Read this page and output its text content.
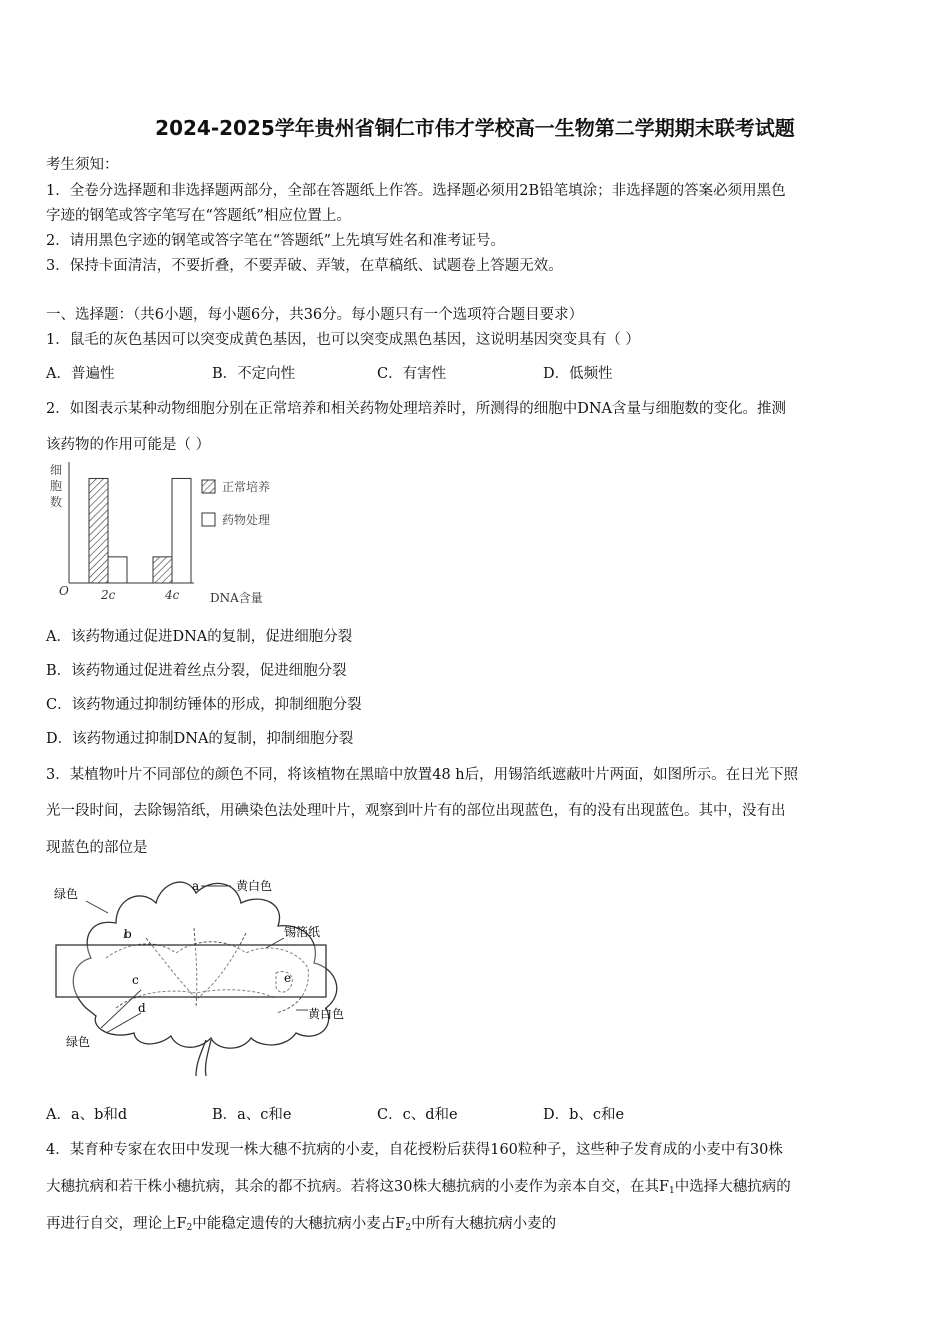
2024-2025学年贵州省铜仁市伟才学校高一生物第二学期期末联考试题
考生须知：
1．全卷分选择题和非选择题两部分，全部在答题纸上作答。选择题必须用2B铅笔填涂；非选择题的答案必须用黑色
字迹的钢笔或答字笔写在“答题纸”相应位置上。
2．请用黑色字迹的钢笔或答字笔在“答题纸”上先填写姓名和准考证号。
3．保持卡面清洁，不要折叠，不要弄破、弄皱，在草稿纸、试题卷上答题无效。
一、选择题：（共6小题，每小题6分，共36分。每小题只有一个选项符合题目要求）
1．鼠毛的灰色基因可以突变成黄色基因，也可以突变成黑色基因，这说明基因突变具有（ ）
A．普遍性	B．不定向性	C．有害性	D．低频性
2．如图表示某种动物细胞分别在正常培养和相关药物处理培养时，所测得的细胞中DNA含量与细胞数的变化。推测
该药物的作用可能是（ ）
细 胞 数
O	DNA含量
2c	4c
正常培养
药物处理
A．该药物通过促进DNA的复制，促进细胞分裂
B．该药物通过促进着丝点分裂，促进细胞分裂
C．该药物通过抑制纺锤体的形成，抑制细胞分裂
D．该药物通过抑制DNA的复制，抑制细胞分裂
3．某植物叶片不同部位的颜色不同，将该植物在黑暗中放置48 h后，用锡箔纸遮蔽叶片两面，如图所示。在日光下照
光一段时间，去除锡箔纸，用碘染色法处理叶片，观察到叶片有的部位出现蓝色，有的没有出现蓝色。其中，没有出
现蓝色的部位是
绿色
a	黄白色
b	锡箔纸
e
c
d	黄白色
绿色
A．a、b和d	B．a、c和e	C．c、d和e	D．b、c和e
4．某育种专家在农田中发现一株大穗不抗病的小麦，自花授粉后获得160粒种子，这些种子发育成的小麦中有30株
大穗抗病和若干株小穗抗病，其余的都不抗病。若将这30株大穗抗病的小麦作为亲本自交，在其$F_1$中选择大穗抗病的
再进行自交，理论上$F_2$中能稳定遗传的大穗抗病小麦占$F_2$中所有大穗抗病小麦的
